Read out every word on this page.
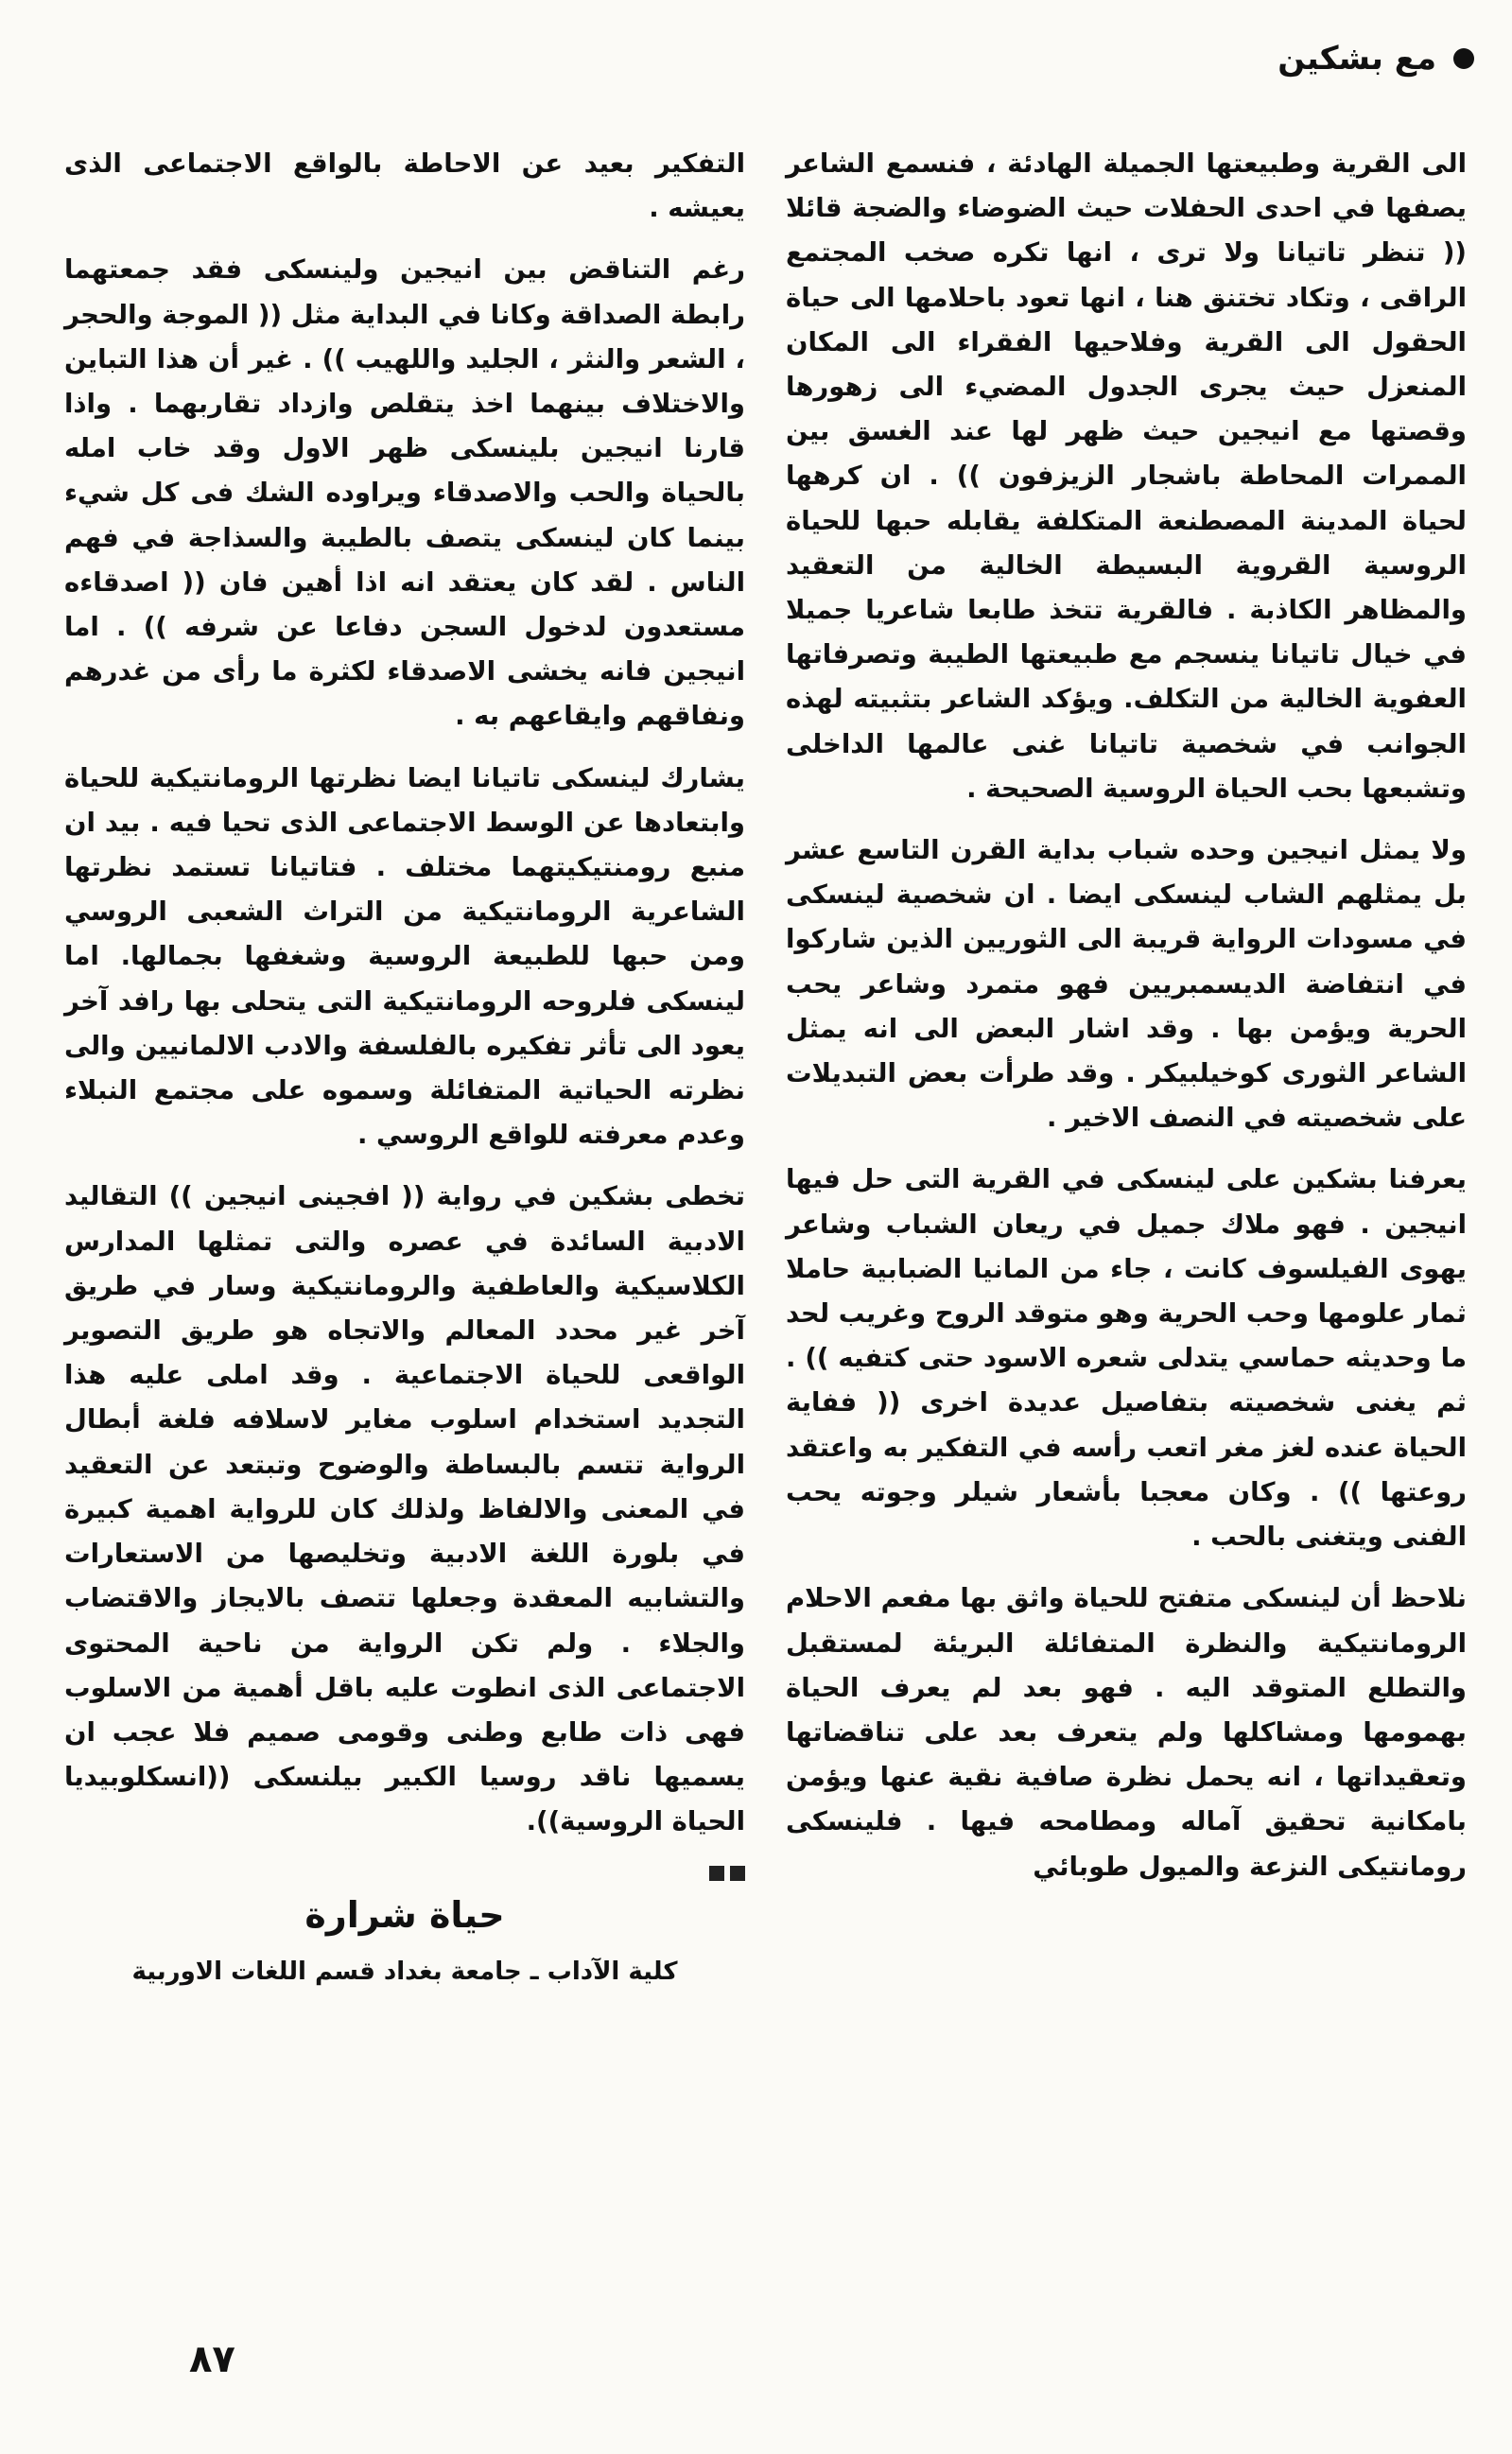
مع بشكين

الى القرية وطبيعتها الجميلة الهادئة ، فنسمع الشاعر يصفها في احدى الحفلات حيث الضوضاء والضجة قائلا (( تنظر تاتيانا ولا ترى ، انها تكره صخب المجتمع الراقى ، وتكاد تختنق هنا ، انها تعود باحلامها الى حياة الحقول الى القرية وفلاحيها الفقراء الى المكان المنعزل حيث يجرى الجدول المضيء الى زهورها وقصتها مع انيجين حيث ظهر لها عند الغسق بين الممرات المحاطة باشجار الزيزفون )) . ان كرهها لحياة المدينة المصطنعة المتكلفة يقابله حبها للحياة الروسية القروية البسيطة الخالية من التعقيد والمظاهر الكاذبة . فالقرية تتخذ طابعا شاعريا جميلا في خيال تاتيانا ينسجم مع طبيعتها الطيبة وتصرفاتها العفوية الخالية من التكلف. ويؤكد الشاعر بتثبيته لهذه الجوانب في شخصية تاتيانا غنى عالمها الداخلى وتشبعها بحب الحياة الروسية الصحيحة .

ولا يمثل انيجين وحده شباب بداية القرن التاسع عشر بل يمثلهم الشاب لينسكى ايضا . ان شخصية لينسكى في مسودات الرواية قريبة الى الثوريين الذين شاركوا في انتفاضة الديسمبريين فهو متمرد وشاعر يحب الحرية ويؤمن بها . وقد اشار البعض الى انه يمثل الشاعر الثورى كوخيلبيكر . وقد طرأت بعض التبديلات على شخصيته في النصف الاخير .

يعرفنا بشكين على لينسكى في القرية التى حل فيها انيجين . فهو ملاك جميل في ريعان الشباب وشاعر يهوى الفيلسوف كانت ، جاء من المانيا الضبابية حاملا ثمار علومها وحب الحرية وهو متوقد الروح وغريب لحد ما وحديثه حماسي يتدلى شعره الاسود حتى كتفيه )) . ثم يغنى شخصيته بتفاصيل عديدة اخرى (( ففاية الحياة عنده لغز مغر اتعب رأسه في التفكير به واعتقد روعتها )) . وكان معجبا بأشعار شيلر وجوته يحب الفنى ويتغنى بالحب .

نلاحظ أن لينسكى متفتح للحياة واثق بها مفعم الاحلام الرومانتيكية والنظرة المتفائلة البريئة لمستقبل والتطلع المتوقد اليه . فهو بعد لم يعرف الحياة بهمومها ومشاكلها ولم يتعرف بعد على تناقضاتها وتعقيداتها ، انه يحمل نظرة صافية نقية عنها ويؤمن بامكانية تحقيق آماله ومطامحه فيها . فلينسكى رومانتيكى النزعة والميول طوبائي

التفكير بعيد عن الاحاطة بالواقع الاجتماعى الذى يعيشه .

رغم التناقض بين انيجين ولينسكى فقد جمعتهما رابطة الصداقة وكانا في البداية مثل (( الموجة والحجر ، الشعر والنثر ، الجليد واللهيب )) . غير أن هذا التباين والاختلاف بينهما اخذ يتقلص وازداد تقاربهما . واذا قارنا انيجين بلينسكى ظهر الاول وقد خاب امله بالحياة والحب والاصدقاء ويراوده الشك فى كل شيء بينما كان لينسكى يتصف بالطيبة والسذاجة في فهم الناس . لقد كان يعتقد انه اذا أهين فان (( اصدقاءه مستعدون لدخول السجن دفاعا عن شرفه )) . اما انيجين فانه يخشى الاصدقاء لكثرة ما رأى من غدرهم ونفاقهم وايقاعهم به .

يشارك لينسكى تاتيانا ايضا نظرتها الرومانتيكية للحياة وابتعادها عن الوسط الاجتماعى الذى تحيا فيه . بيد ان منبع رومنتيكيتهما مختلف . فتاتيانا تستمد نظرتها الشاعرية الرومانتيكية من التراث الشعبى الروسي ومن حبها للطبيعة الروسية وشغفها بجمالها. اما لينسكى فلروحه الرومانتيكية التى يتحلى بها رافد آخر يعود الى تأثر تفكيره بالفلسفة والادب الالمانيين والى نظرته الحياتية المتفائلة وسموه على مجتمع النبلاء وعدم معرفته للواقع الروسي .

تخطى بشكين في رواية (( افجينى انيجين )) التقاليد الادبية السائدة في عصره والتى تمثلها المدارس الكلاسيكية والعاطفية والرومانتيكية وسار في طريق آخر غير محدد المعالم والاتجاه هو طريق التصوير الواقعى للحياة الاجتماعية . وقد املى عليه هذا التجديد استخدام اسلوب مغاير لاسلافه فلغة أبطال الرواية تتسم بالبساطة والوضوح وتبتعد عن التعقيد في المعنى والالفاظ ولذلك كان للرواية اهمية كبيرة في بلورة اللغة الادبية وتخليصها من الاستعارات والتشابيه المعقدة وجعلها تتصف بالايجاز والاقتضاب والجلاء . ولم تكن الرواية من ناحية المحتوى الاجتماعى الذى انطوت عليه باقل أهمية من الاسلوب فهى ذات طابع وطنى وقومى صميم فلا عجب ان يسميها ناقد روسيا الكبير بيلنسكى ((انسكلوبيديا الحياة الروسية)).

حياة شرارة
كلية الآداب ـ جامعة بغداد قسم اللغات الاوربية
٨٧
